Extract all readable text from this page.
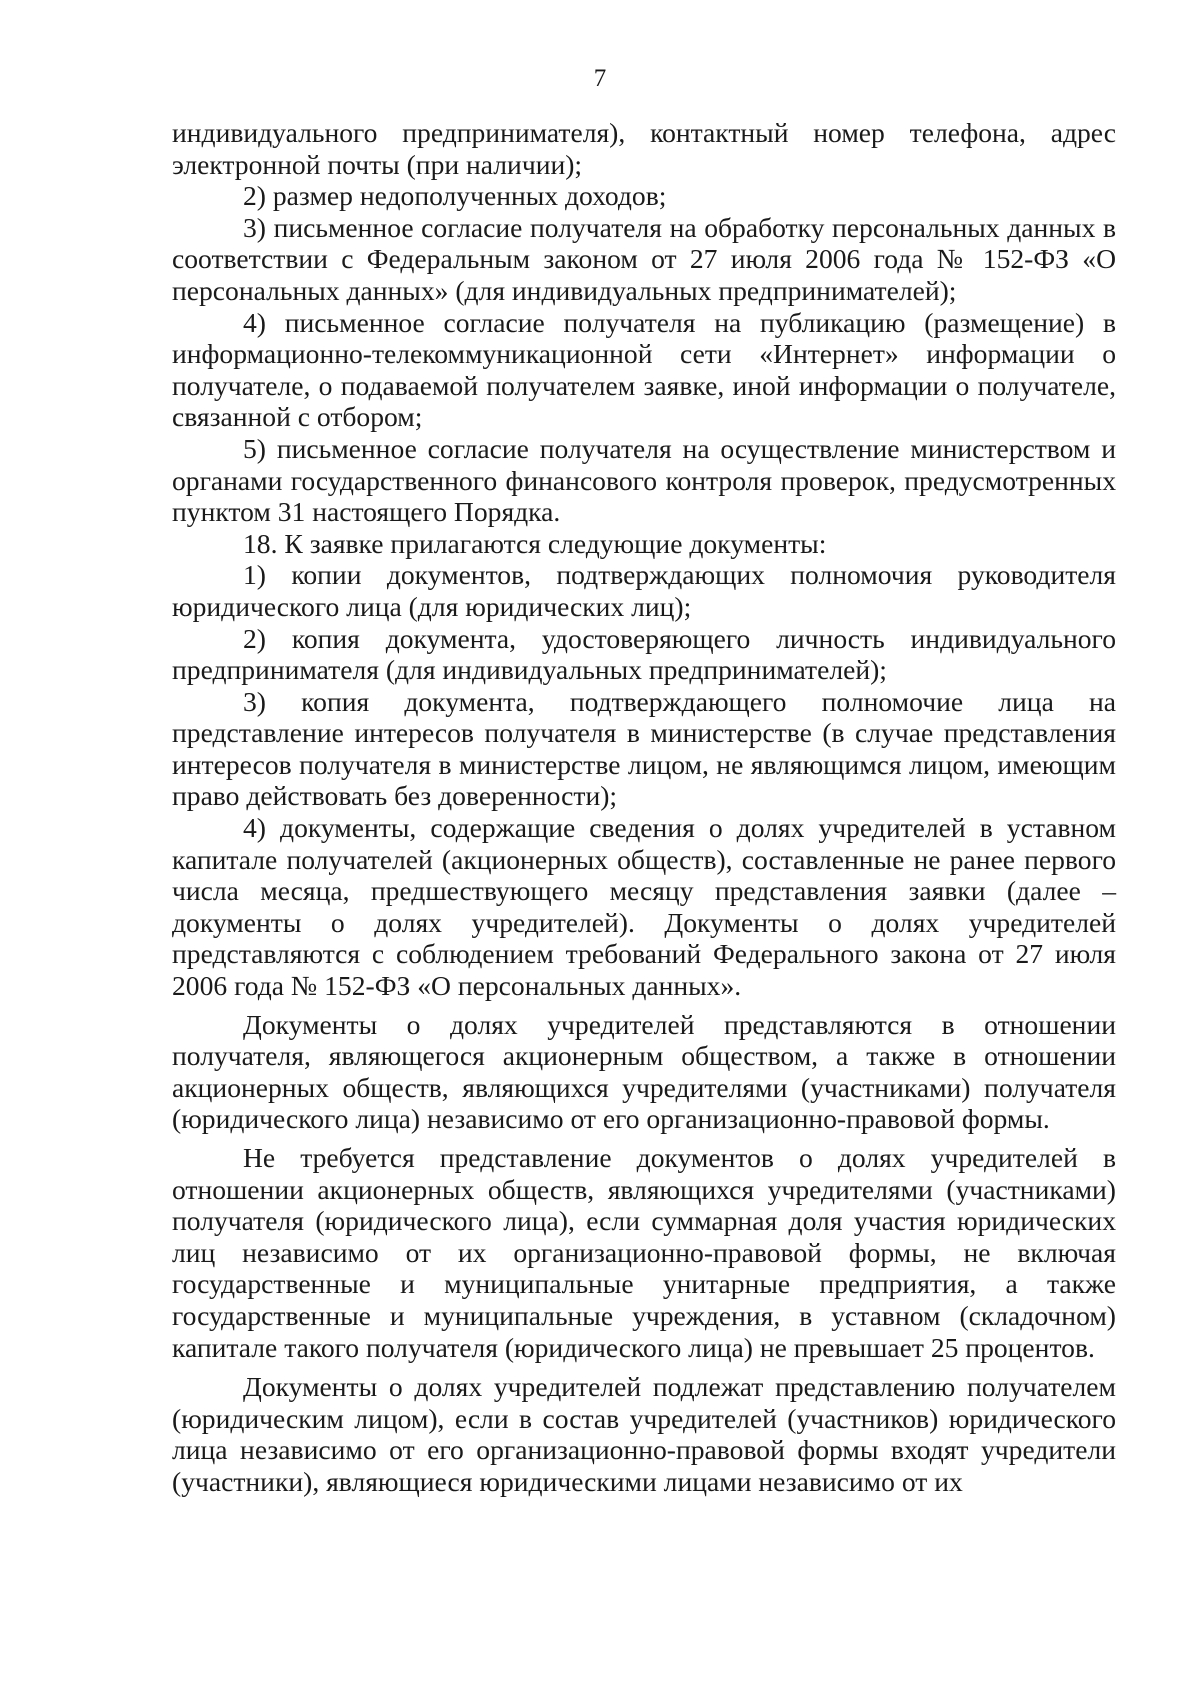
7

индивидуального предпринимателя), контактный номер телефона, адрес электронной почты (при наличии);

2) размер недополученных доходов;

3) письменное согласие получателя на обработку персональных данных в соответствии с Федеральным законом от 27 июля 2006 года № 152-ФЗ «О персональных данных» (для индивидуальных предпринимателей);

4) письменное согласие получателя на публикацию (размещение) в информационно-телекоммуникационной сети «Интернет» информации о получателе, о подаваемой получателем заявке, иной информации о получателе, связанной с отбором;

5) письменное согласие получателя на осуществление министерством и органами государственного финансового контроля проверок, предусмотренных пунктом 31 настоящего Порядка.

18. К заявке прилагаются следующие документы:

1) копии документов, подтверждающих полномочия руководителя юридического лица (для юридических лиц);

2) копия документа, удостоверяющего личность индивидуального предпринимателя (для индивидуальных предпринимателей);

3) копия документа, подтверждающего полномочие лица на представление интересов получателя в министерстве (в случае представления интересов получателя в министерстве лицом, не являющимся лицом, имеющим право действовать без доверенности);

4) документы, содержащие сведения о долях учредителей в уставном капитале получателей (акционерных обществ), составленные не ранее первого числа месяца, предшествующего месяцу представления заявки (далее – документы о долях учредителей). Документы о долях учредителей представляются с соблюдением требований Федерального закона от 27 июля 2006 года № 152-ФЗ «О персональных данных».

Документы о долях учредителей представляются в отношении получателя, являющегося акционерным обществом, а также в отношении акционерных обществ, являющихся учредителями (участниками) получателя (юридического лица) независимо от его организационно-правовой формы.

Не требуется представление документов о долях учредителей в отношении акционерных обществ, являющихся учредителями (участниками) получателя (юридического лица), если суммарная доля участия юридических лиц независимо от их организационно-правовой формы, не включая государственные и муниципальные унитарные предприятия, а также государственные и муниципальные учреждения, в уставном (складочном) капитале такого получателя (юридического лица) не превышает 25 процентов.

Документы о долях учредителей подлежат представлению получателем (юридическим лицом), если в состав учредителей (участников) юридического лица независимо от его организационно-правовой формы входят учредители (участники), являющиеся юридическими лицами независимо от их
